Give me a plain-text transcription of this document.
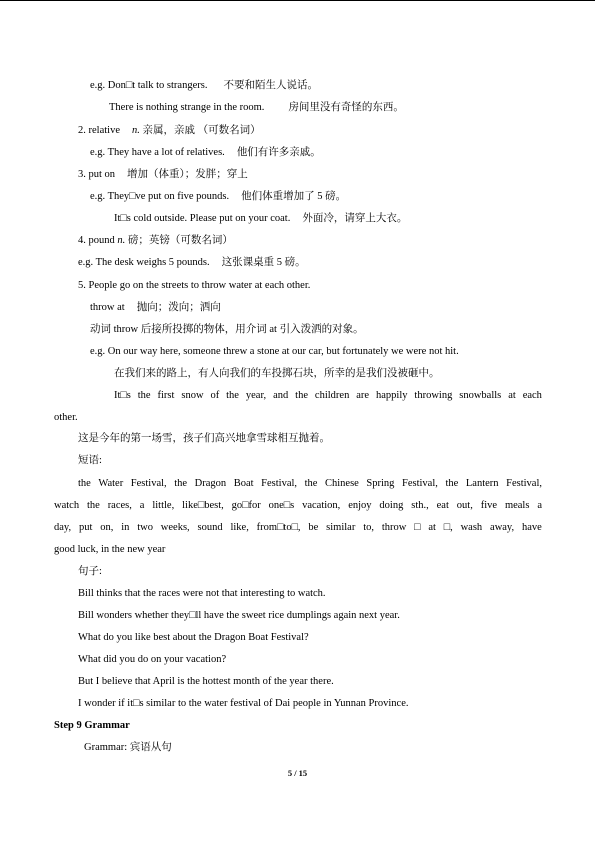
e.g. Don□t talk to strangers. 不要和陌生人说话。
There is nothing strange in the room. 房间里没有奇怪的东西。
2. relative n. 亲属，亲戚 （可数名词）
e.g. They have a lot of relatives. 他们有许多亲戚。
3. put on 增加（体重）；发胖；穿上
e.g. They□ve put on five pounds. 他们体重增加了 5 磅。
It□s cold outside. Please put on your coat. 外面冷，请穿上大衣。
4. pound n. 磅；英镑（可数名词）
e.g. The desk weighs 5 pounds. 这张课桌重 5 磅。
5. People go on the streets to throw water at each other.
throw at 抛向；泼向；洒向
动词 throw 后接所投掷的物体，用介词 at 引入泼洒的对象。
e.g. On our way here, someone threw a stone at our car, but fortunately we were not hit.
在我们来的路上，有人向我们的车投掷石块，所幸的是我们没被砸中。
It□s the first snow of the year, and the children are happily throwing snowballs at each
other.
这是今年的第一场雪，孩子们高兴地拿雪球相互抛着。
短语:
the Water Festival, the Dragon Boat Festival, the Chinese Spring Festival, the Lantern Festival,
watch the races, a little, like□best, go□for one□s vacation, enjoy doing sth., eat out, five meals a
day, put on, in two weeks, sound like, from□to□, be similar to, throw □ at □, wash away, have
good luck, in the new year
句子:
Bill thinks that the races were not that interesting to watch.
Bill wonders whether they□ll have the sweet rice dumplings again next year.
What do you like best about the Dragon Boat Festival?
What did you do on your vacation?
But I believe that April is the hottest month of the year there.
I wonder if it□s similar to the water festival of Dai people in Yunnan Province.
Step 9 Grammar
Grammar: 宾语从句
5 / 15
